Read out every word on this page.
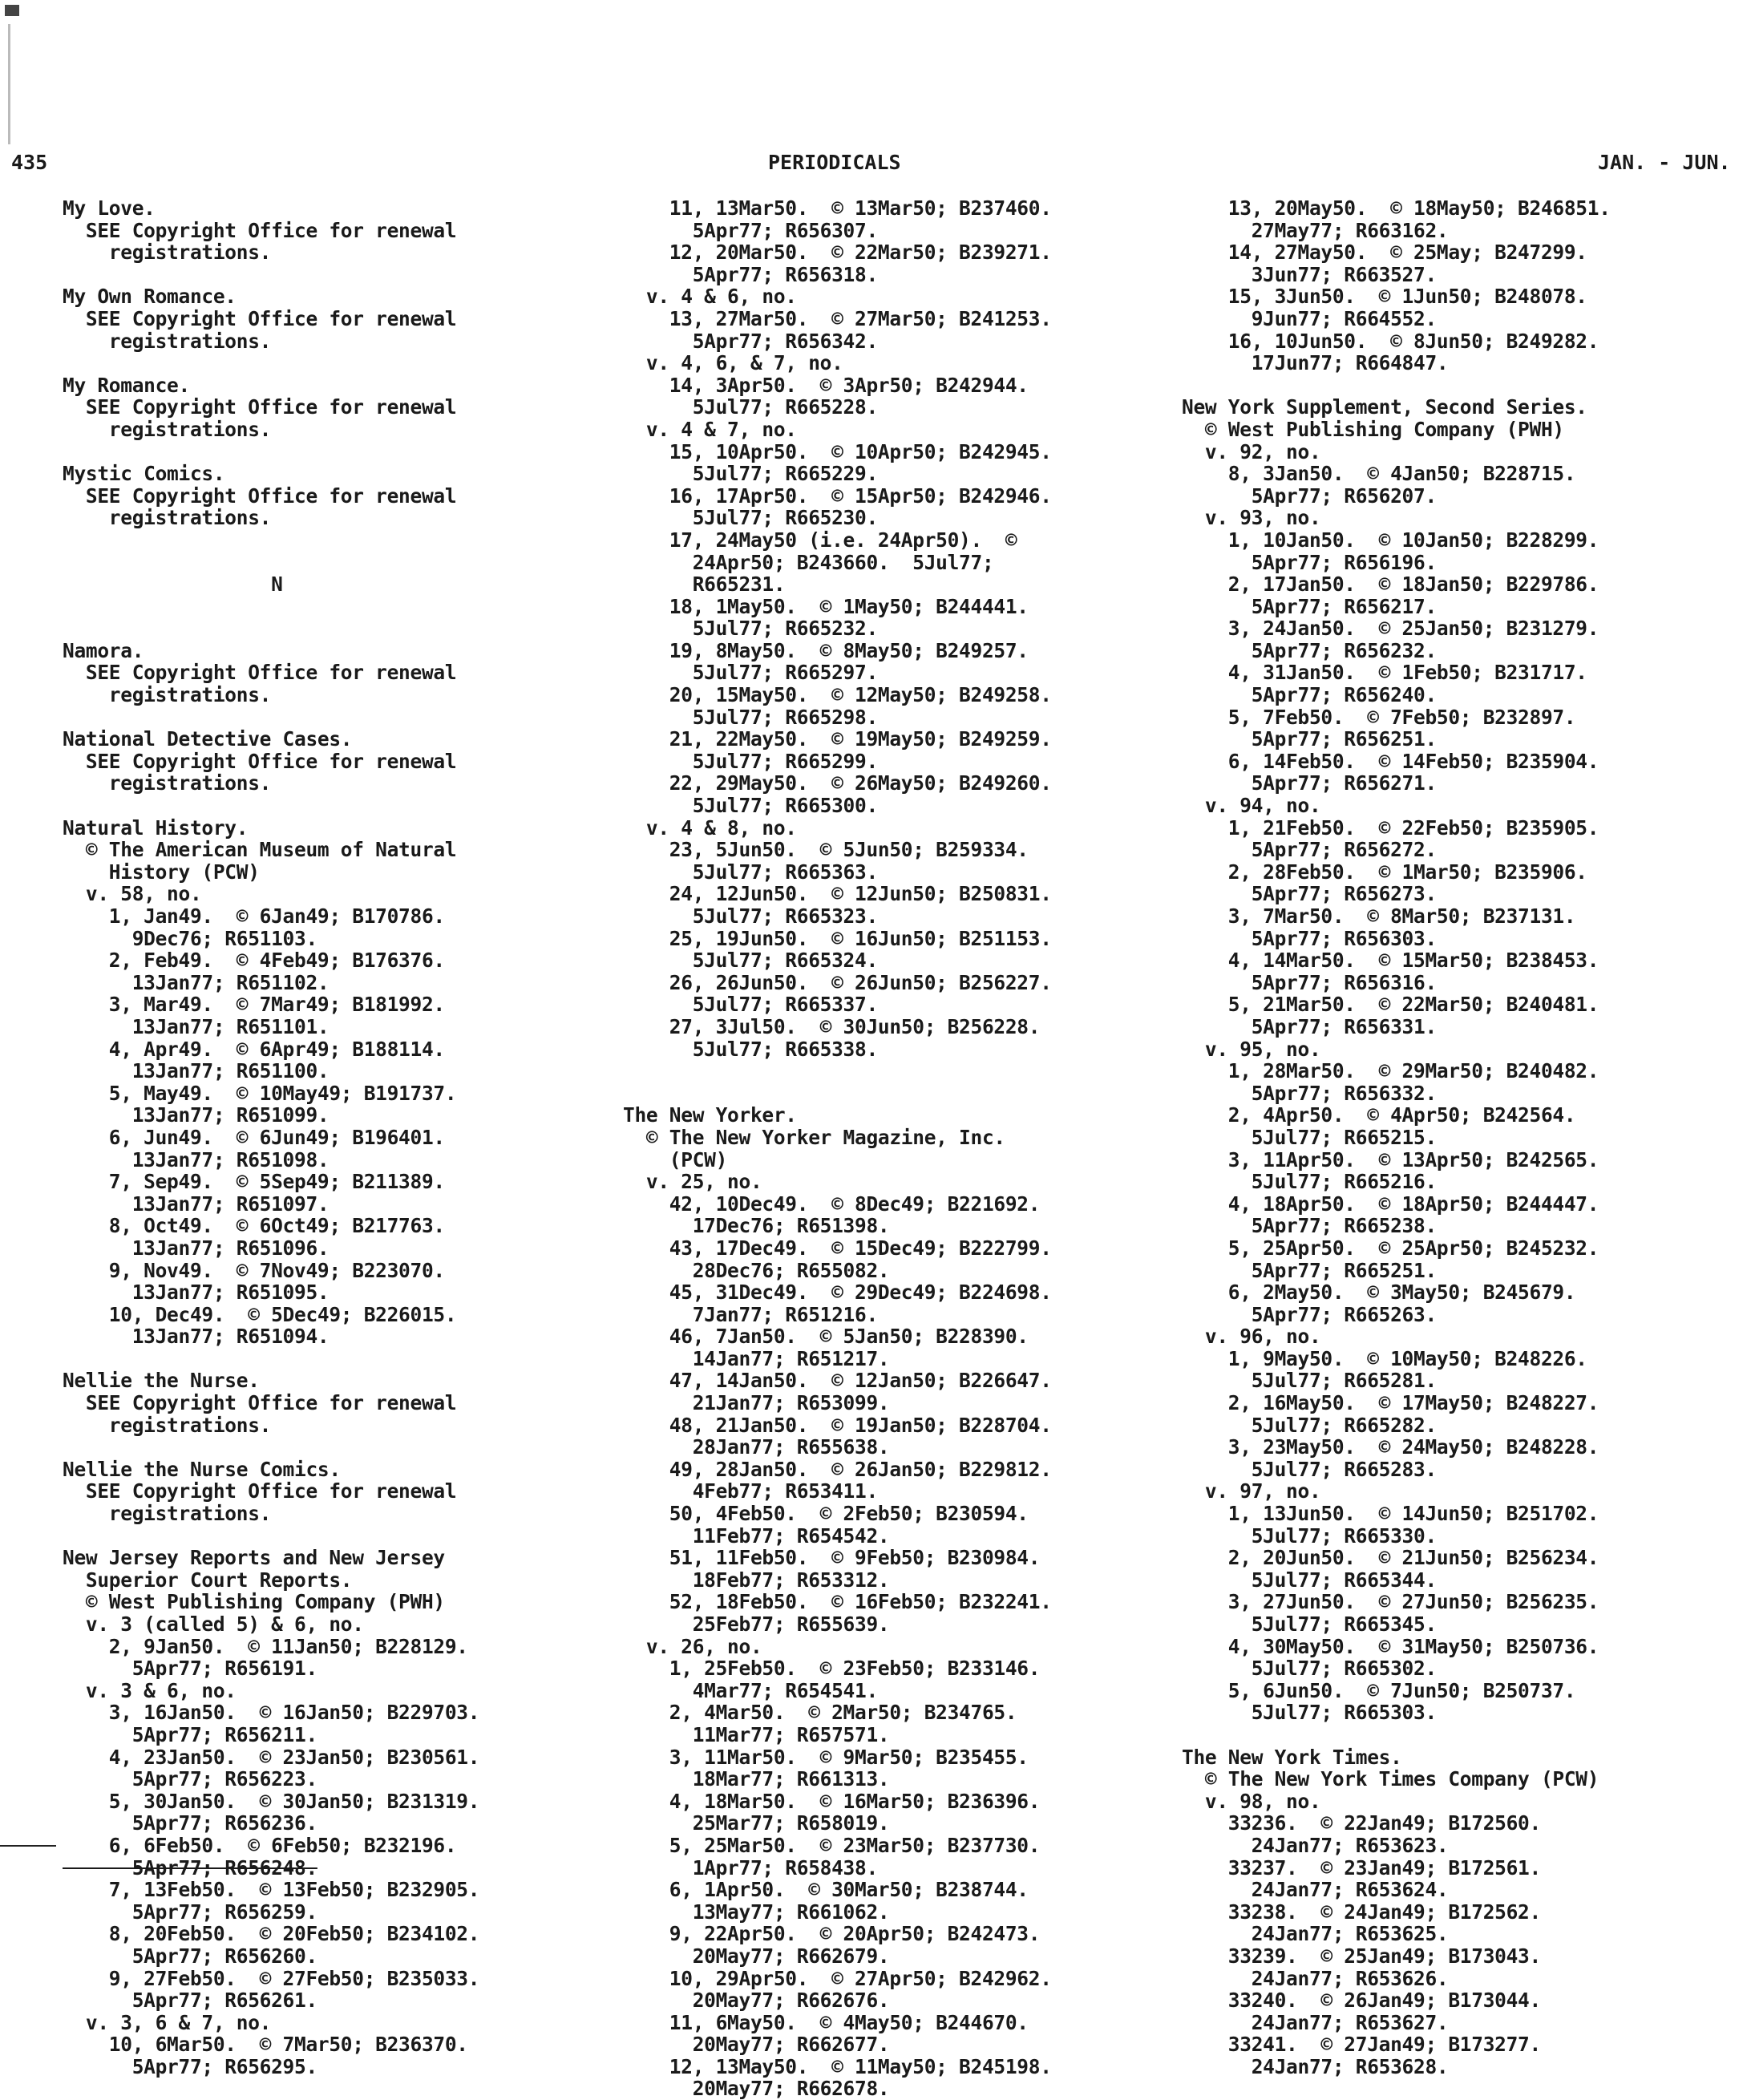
435	PERIODICALS	JAN. - JUN.
My Love.
SEE Copyright Office for renewal
registrations.
My Own Romance.
SEE Copyright Office for renewal
registrations.
My Romance.
SEE Copyright Office for renewal
registrations.
Mystic Comics.
SEE Copyright Office for renewal
registrations.
N
Namora.
SEE Copyright Office for renewal
registrations.
National Detective Cases.
SEE Copyright Office for renewal
registrations.
Natural History.
© The American Museum of Natural
History (PCW)
v. 58, no.
1, Jan49.  © 6Jan49; B170786.
9Dec76; R651103.
2, Feb49.  © 4Feb49; B176376.
13Jan77; R651102.
3, Mar49.  © 7Mar49; B181992.
13Jan77; R651101.
4, Apr49.  © 6Apr49; B188114.
13Jan77; R651100.
5, May49.  © 10May49; B191737.
13Jan77; R651099.
6, Jun49.  © 6Jun49; B196401.
13Jan77; R651098.
7, Sep49.  © 5Sep49; B211389.
13Jan77; R651097.
8, Oct49.  © 6Oct49; B217763.
13Jan77; R651096.
9, Nov49.  © 7Nov49; B223070.
13Jan77; R651095.
10, Dec49.  © 5Dec49; B226015.
13Jan77; R651094.
Nellie the Nurse.
SEE Copyright Office for renewal
registrations.
Nellie the Nurse Comics.
SEE Copyright Office for renewal
registrations.
New Jersey Reports and New Jersey
Superior Court Reports.
© West Publishing Company (PWH)
v. 3 (called 5) & 6, no.
2, 9Jan50.  © 11Jan50; B228129.
5Apr77; R656191.
v. 3 & 6, no.
3, 16Jan50.  © 16Jan50; B229703.
5Apr77; R656211.
4, 23Jan50.  © 23Jan50; B230561.
5Apr77; R656223.
5, 30Jan50.  © 30Jan50; B231319.
5Apr77; R656236.
6, 6Feb50.  © 6Feb50; B232196.
5Apr77; R656248.
7, 13Feb50.  © 13Feb50; B232905.
5Apr77; R656259.
8, 20Feb50.  © 20Feb50; B234102.
5Apr77; R656260.
9, 27Feb50.  © 27Feb50; B235033.
5Apr77; R656261.
v. 3, 6 & 7, no.
10, 6Mar50.  © 7Mar50; B236370.
5Apr77; R656295.
11, 13Mar50.  © 13Mar50; B237460.
5Apr77; R656307.
12, 20Mar50.  © 22Mar50; B239271.
5Apr77; R656318.
v. 4 & 6, no.
13, 27Mar50.  © 27Mar50; B241253.
5Apr77; R656342.
v. 4, 6, & 7, no.
14, 3Apr50.  © 3Apr50; B242944.
5Jul77; R665228.
v. 4 & 7, no.
15, 10Apr50.  © 10Apr50; B242945.
5Jul77; R665229.
16, 17Apr50.  © 15Apr50; B242946.
5Jul77; R665230.
17, 24May50 (i.e. 24Apr50).  ©
24Apr50; B243660.  5Jul77;
R665231.
18, 1May50.  © 1May50; B244441.
5Jul77; R665232.
19, 8May50.  © 8May50; B249257.
5Jul77; R665297.
20, 15May50.  © 12May50; B249258.
5Jul77; R665298.
21, 22May50.  © 19May50; B249259.
5Jul77; R665299.
22, 29May50.  © 26May50; B249260.
5Jul77; R665300.
v. 4 & 8, no.
23, 5Jun50.  © 5Jun50; B259334.
5Jul77; R665363.
24, 12Jun50.  © 12Jun50; B250831.
5Jul77; R665323.
25, 19Jun50.  © 16Jun50; B251153.
5Jul77; R665324.
26, 26Jun50.  © 26Jun50; B256227.
5Jul77; R665337.
27, 3Jul50.  © 30Jun50; B256228.
5Jul77; R665338.
The New Yorker.
© The New Yorker Magazine, Inc.
(PCW)
v. 25, no.
42, 10Dec49.  © 8Dec49; B221692.
17Dec76; R651398.
43, 17Dec49.  © 15Dec49; B222799.
28Dec76; R655082.
45, 31Dec49.  © 29Dec49; B224698.
7Jan77; R651216.
46, 7Jan50.  © 5Jan50; B228390.
14Jan77; R651217.
47, 14Jan50.  © 12Jan50; B226647.
21Jan77; R653099.
48, 21Jan50.  © 19Jan50; B228704.
28Jan77; R655638.
49, 28Jan50.  © 26Jan50; B229812.
4Feb77; R653411.
50, 4Feb50.  © 2Feb50; B230594.
11Feb77; R654542.
51, 11Feb50.  © 9Feb50; B230984.
18Feb77; R653312.
52, 18Feb50.  © 16Feb50; B232241.
25Feb77; R655639.
v. 26, no.
1, 25Feb50.  © 23Feb50; B233146.
4Mar77; R654541.
2, 4Mar50.  © 2Mar50; B234765.
11Mar77; R657571.
3, 11Mar50.  © 9Mar50; B235455.
18Mar77; R661313.
4, 18Mar50.  © 16Mar50; B236396.
25Mar77; R658019.
5, 25Mar50.  © 23Mar50; B237730.
1Apr77; R658438.
6, 1Apr50.  © 30Mar50; B238744.
13May77; R661062.
9, 22Apr50.  © 20Apr50; B242473.
20May77; R662679.
10, 29Apr50.  © 27Apr50; B242962.
20May77; R662676.
11, 6May50.  © 4May50; B244670.
20May77; R662677.
12, 13May50.  © 11May50; B245198.
20May77; R662678.
13, 20May50.  © 18May50; B246851.
27May77; R663162.
14, 27May50.  © 25May; B247299.
3Jun77; R663527.
15, 3Jun50.  © 1Jun50; B248078.
9Jun77; R664552.
16, 10Jun50.  © 8Jun50; B249282.
17Jun77; R664847.
New York Supplement, Second Series.
© West Publishing Company (PWH)
v. 92, no.
8, 3Jan50.  © 4Jan50; B228715.
5Apr77; R656207.
v. 93, no.
1, 10Jan50.  © 10Jan50; B228299.
5Apr77; R656196.
2, 17Jan50.  © 18Jan50; B229786.
5Apr77; R656217.
3, 24Jan50.  © 25Jan50; B231279.
5Apr77; R656232.
4, 31Jan50.  © 1Feb50; B231717.
5Apr77; R656240.
5, 7Feb50.  © 7Feb50; B232897.
5Apr77; R656251.
6, 14Feb50.  © 14Feb50; B235904.
5Apr77; R656271.
v. 94, no.
1, 21Feb50.  © 22Feb50; B235905.
5Apr77; R656272.
2, 28Feb50.  © 1Mar50; B235906.
5Apr77; R656273.
3, 7Mar50.  © 8Mar50; B237131.
5Apr77; R656303.
4, 14Mar50.  © 15Mar50; B238453.
5Apr77; R656316.
5, 21Mar50.  © 22Mar50; B240481.
5Apr77; R656331.
v. 95, no.
1, 28Mar50.  © 29Mar50; B240482.
5Apr77; R656332.
2, 4Apr50.  © 4Apr50; B242564.
5Jul77; R665215.
3, 11Apr50.  © 13Apr50; B242565.
5Jul77; R665216.
4, 18Apr50.  © 18Apr50; B244447.
5Apr77; R665238.
5, 25Apr50.  © 25Apr50; B245232.
5Apr77; R665251.
6, 2May50.  © 3May50; B245679.
5Apr77; R665263.
v. 96, no.
1, 9May50.  © 10May50; B248226.
5Jul77; R665281.
2, 16May50.  © 17May50; B248227.
5Jul77; R665282.
3, 23May50.  © 24May50; B248228.
5Jul77; R665283.
v. 97, no.
1, 13Jun50.  © 14Jun50; B251702.
5Jul77; R665330.
2, 20Jun50.  © 21Jun50; B256234.
5Jul77; R665344.
3, 27Jun50.  © 27Jun50; B256235.
5Jul77; R665345.
4, 30May50.  © 31May50; B250736.
5Jul77; R665302.
5, 6Jun50.  © 7Jun50; B250737.
5Jul77; R665303.
The New York Times.
© The New York Times Company (PCW)
v. 98, no.
33236.  © 22Jan49; B172560.
24Jan77; R653623.
33237.  © 23Jan49; B172561.
24Jan77; R653624.
33238.  © 24Jan49; B172562.
24Jan77; R653625.
33239.  © 25Jan49; B173043.
24Jan77; R653626.
33240.  © 26Jan49; B173044.
24Jan77; R653627.
33241.  © 27Jan49; B173277.
24Jan77; R653628.
